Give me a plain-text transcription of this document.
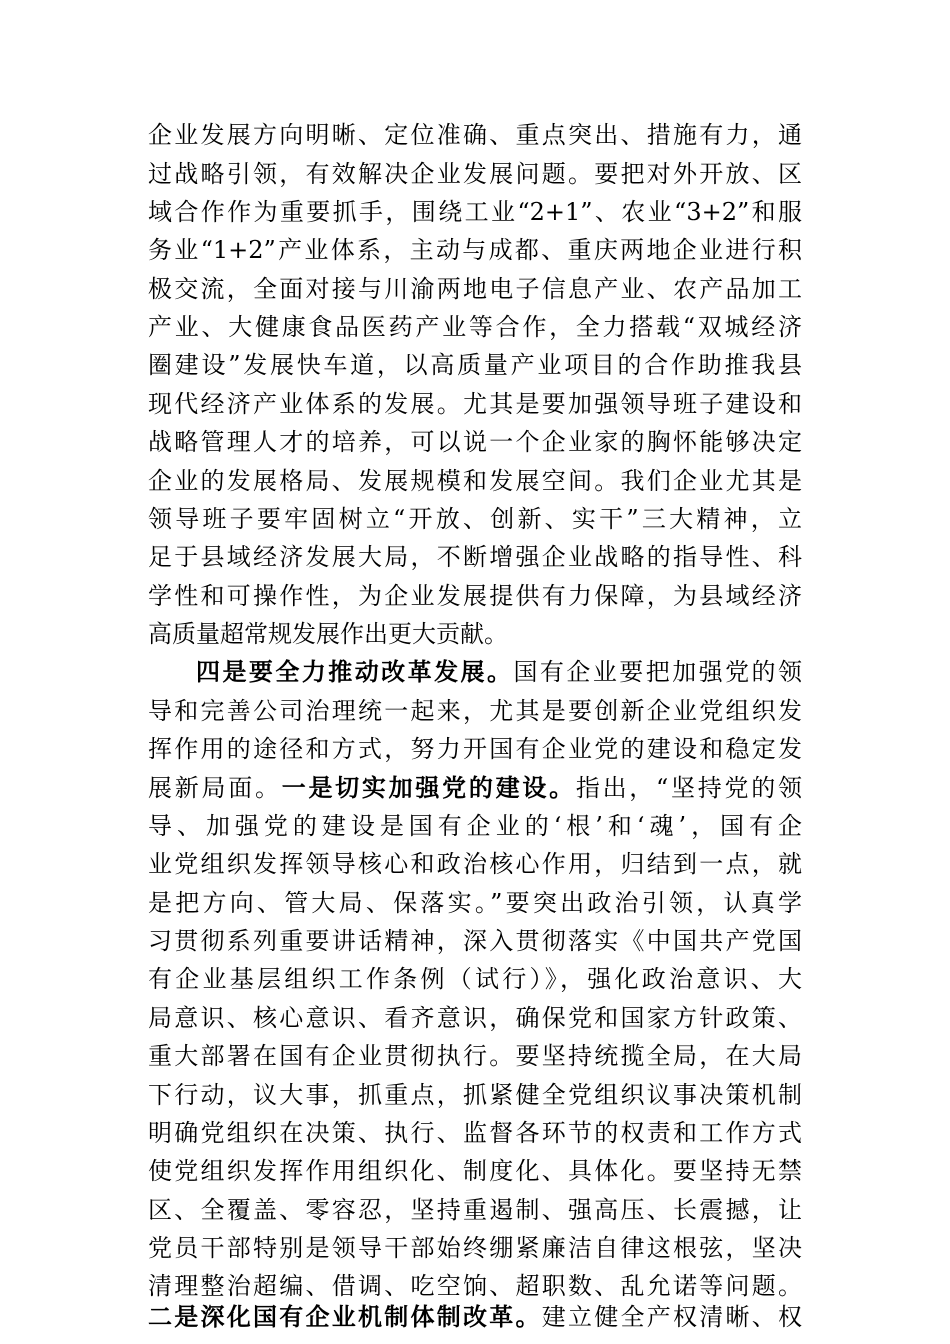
企业发展方向明晰、定位准确、重点突出、措施有力，通
过战略引领，有效解决企业发展问题。要把对外开放、区
域合作作为重要抓手，围绕工业“2+1”、农业“3+2”和服
务业“1+2”产业体系，主动与成都、重庆两地企业进行积
极交流，全面对接与川渝两地电子信息产业、农产品加工
产业、大健康食品医药产业等合作，全力搭载“双城经济
圈建设”发展快车道，以高质量产业项目的合作助推我县
现代经济产业体系的发展。尤其是要加强领导班子建设和
战略管理人才的培养，可以说一个企业家的胸怀能够决定
企业的发展格局、发展规模和发展空间。我们企业尤其是
领导班子要牢固树立“开放、创新、实干”三大精神，立
足于县域经济发展大局，不断增强企业战略的指导性、科
学性和可操作性，为企业发展提供有力保障，为县域经济
高质量超常规发展作出更大贡献。
四是要全力推动改革发展。国有企业要把加强党的领
导和完善公司治理统一起来，尤其是要创新企业党组织发
挥作用的途径和方式，努力开国有企业党的建设和稳定发
展新局面。一是切实加强党的建设。指出，“坚持党的领
导、加强党的建设是国有企业的‘根’和‘魂’，国有企
业党组织发挥领导核心和政治核心作用，归结到一点，就
是把方向、管大局、保落实。”要突出政治引领，认真学
习贯彻系列重要讲话精神，深入贯彻落实《中国共产党国
有企业基层组织工作条例（试行）》，强化政治意识、大
局意识、核心意识、看齐意识，确保党和国家方针政策、
重大部署在国有企业贯彻执行。要坚持统揽全局，在大局
下行动，议大事，抓重点，抓紧健全党组织议事决策机制
明确党组织在决策、执行、监督各环节的权责和工作方式
使党组织发挥作用组织化、制度化、具体化。要坚持无禁
区、全覆盖、零容忍，坚持重遏制、强高压、长震撼，让
党员干部特别是领导干部始终绷紧廉洁自律这根弦，坚决
清理整治超编、借调、吃空饷、超职数、乱允诺等问题。
二是深化国有企业机制体制改革。建立健全产权清晰、权
